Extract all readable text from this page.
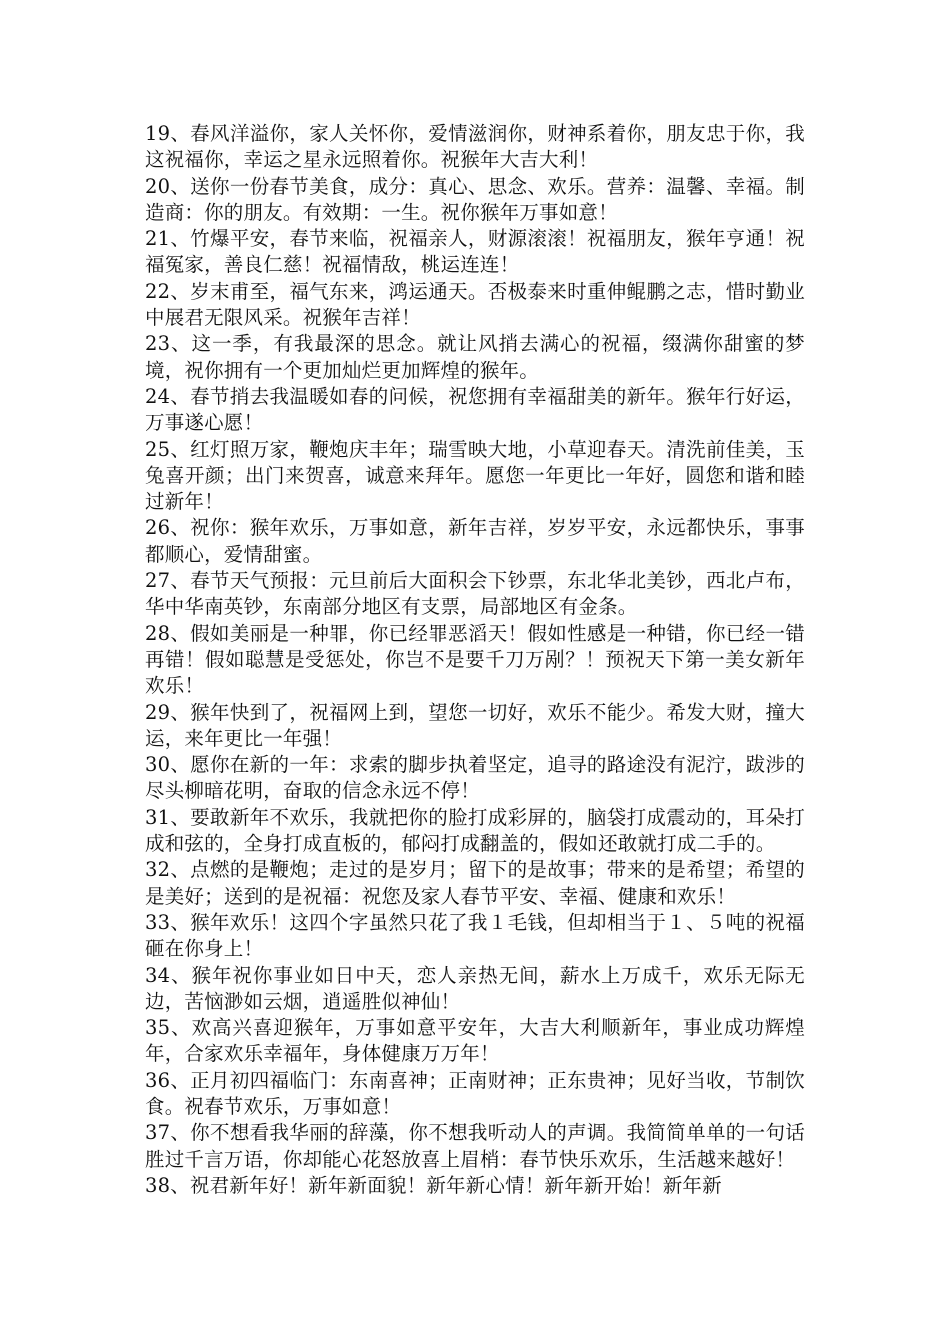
19、春风洋溢你，家人关怀你，爱情滋润你，财神系着你，朋友忠于你，我这祝福你，幸运之星永远照着你。祝猴年大吉大利！

20、送你一份春节美食，成分：真心、思念、欢乐。营养：温馨、幸福。制造商：你的朋友。有效期：一生。祝你猴年万事如意！

21、竹爆平安，春节来临，祝福亲人，财源滚滚！祝福朋友，猴年亨通！祝福冤家，善良仁慈！祝福情敌，桃运连连！

22、岁末甫至，福气东来，鸿运通天。否极泰来时重伸鲲鹏之志，惜时勤业中展君无限风采。祝猴年吉祥！

23、这一季，有我最深的思念。就让风捎去满心的祝福，缀满你甜蜜的梦境，祝你拥有一个更加灿烂更加辉煌的猴年。

24、春节捎去我温暖如春的问候，祝您拥有幸福甜美的新年。猴年行好运，万事遂心愿！

25、红灯照万家，鞭炮庆丰年；瑞雪映大地，小草迎春天。清洗前佳美，玉兔喜开颜；出门来贺喜，诚意来拜年。愿您一年更比一年好，圆您和谐和睦过新年！

26、祝你：猴年欢乐，万事如意，新年吉祥，岁岁平安，永远都快乐，事事都顺心，爱情甜蜜。

27、春节天气预报：元旦前后大面积会下钞票，东北华北美钞，西北卢布，华中华南英钞，东南部分地区有支票，局部地区有金条。

28、假如美丽是一种罪，你已经罪恶滔天！假如性感是一种错，你已经一错再错！假如聪慧是受惩处，你岂不是要千刀万剐？！预祝天下第一美女新年欢乐！

29、猴年快到了，祝福网上到，望您一切好，欢乐不能少。希发大财，撞大运，来年更比一年强！

30、愿你在新的一年：求索的脚步执着坚定，追寻的路途没有泥泞，跋涉的尽头柳暗花明，奋取的信念永远不停！

31、要敢新年不欢乐，我就把你的脸打成彩屏的，脑袋打成震动的，耳朵打成和弦的，全身打成直板的，郁闷打成翻盖的，假如还敢就打成二手的。

32、点燃的是鞭炮；走过的是岁月；留下的是故事；带来的是希望；希望的是美好；送到的是祝福：祝您及家人春节平安、幸福、健康和欢乐！

33、猴年欢乐！这四个字虽然只花了我１毛钱，但却相当于１、５吨的祝福砸在你身上！

34、猴年祝你事业如日中天，恋人亲热无间，薪水上万成千，欢乐无际无边，苦恼渺如云烟，逍遥胜似神仙！

35、欢高兴喜迎猴年，万事如意平安年，大吉大利顺新年，事业成功辉煌年，合家欢乐幸福年，身体健康万万年！

36、正月初四福临门：东南喜神；正南财神；正东贵神；见好当收，节制饮食。祝春节欢乐，万事如意！

37、你不想看我华丽的辞藻，你不想我听动人的声调。我简简单单的一句话胜过千言万语，你却能心花怒放喜上眉梢：春节快乐欢乐，生活越来越好！

38、祝君新年好！新年新面貌！新年新心情！新年新开始！新年新
